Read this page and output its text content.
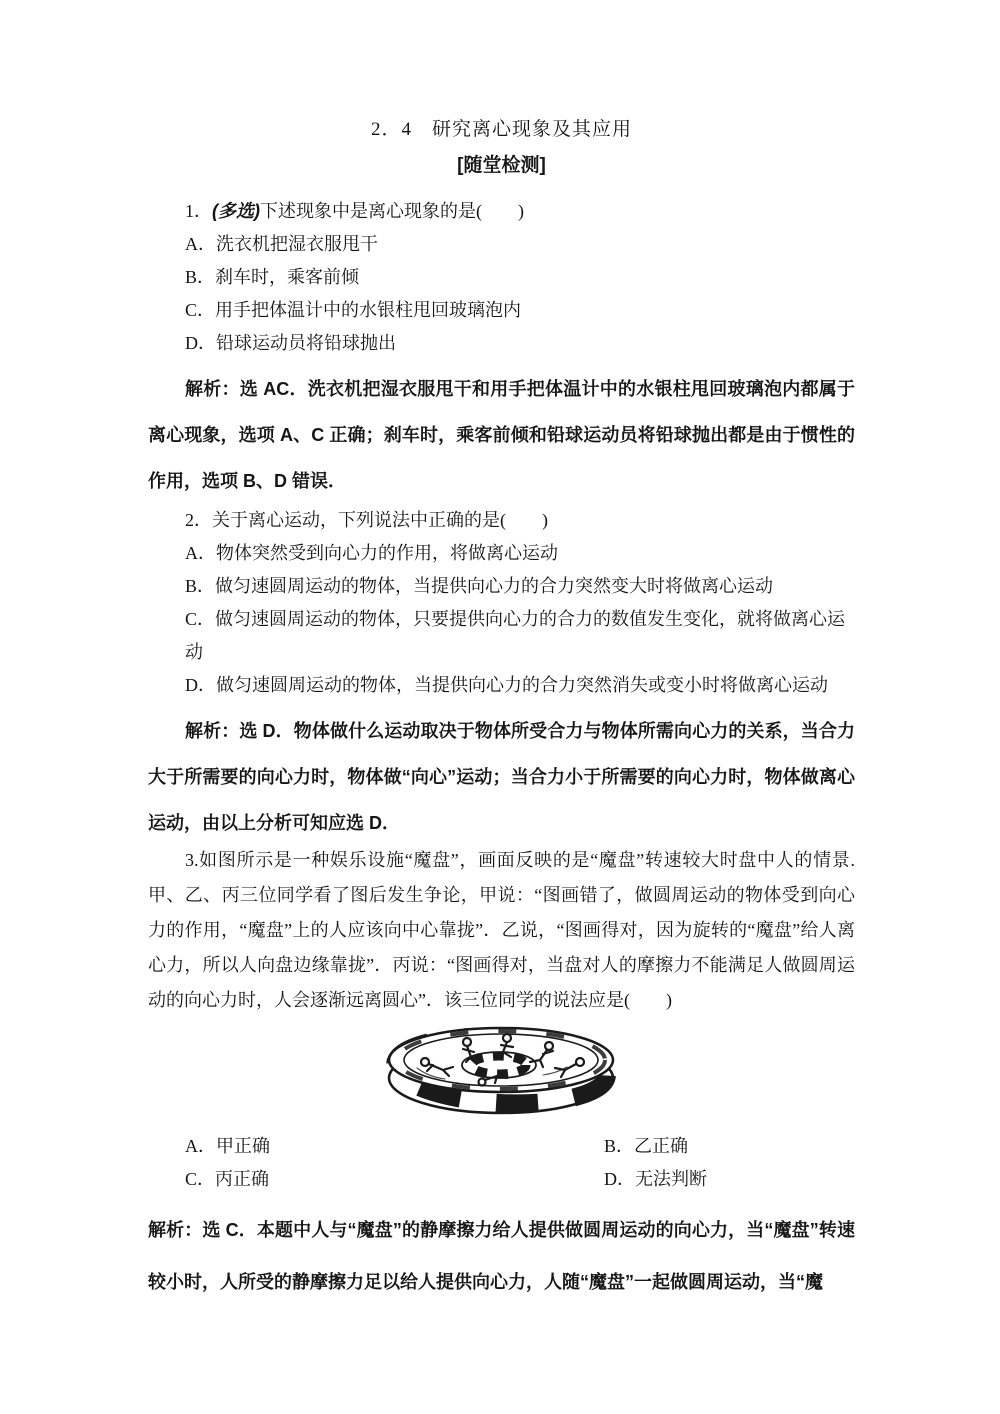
2．4　研究离心现象及其应用
[随堂检测]
1．(多选)下述现象中是离心现象的是(　　)
A．洗衣机把湿衣服甩干
B．刹车时，乘客前倾
C．用手把体温计中的水银柱甩回玻璃泡内
D．铅球运动员将铅球抛出
解析：选 AC．洗衣机把湿衣服甩干和用手把体温计中的水银柱甩回玻璃泡内都属于离心现象，选项 A、C 正确；刹车时，乘客前倾和铅球运动员将铅球抛出都是由于惯性的作用，选项 B、D 错误．
2．关于离心运动，下列说法中正确的是(　　)
A．物体突然受到向心力的作用，将做离心运动
B．做匀速圆周运动的物体，当提供向心力的合力突然变大时将做离心运动
C．做匀速圆周运动的物体，只要提供向心力的合力的数值发生变化，就将做离心运动
D．做匀速圆周运动的物体，当提供向心力的合力突然消失或变小时将做离心运动
解析：选 D．物体做什么运动取决于物体所受合力与物体所需向心力的关系，当合力大于所需要的向心力时，物体做“向心”运动；当合力小于所需要的向心力时，物体做离心运动，由以上分析可知应选 D．
3.如图所示是一种娱乐设施“魔盘”，画面反映的是“魔盘”转速较大时盘中人的情景.甲、乙、丙三位同学看了图后发生争论，甲说：“图画错了，做圆周运动的物体受到向心力的作用，“魔盘”上的人应该向中心靠拢”．乙说，“图画得对，因为旋转的“魔盘”给人离心力，所以人向盘边缘靠拢”．丙说：“图画得对，当盘对人的摩擦力不能满足人做圆周运动的向心力时，人会逐渐远离圆心”．该三位同学的说法应是(　　)
A．甲正确	B．乙正确
C．丙正确	D．无法判断
解析：选 C．本题中人与“魔盘”的静摩擦力给人提供做圆周运动的向心力，当“魔盘”转速较小时，人所受的静摩擦力足以给人提供向心力，人随“魔盘”一起做圆周运动，当“魔
